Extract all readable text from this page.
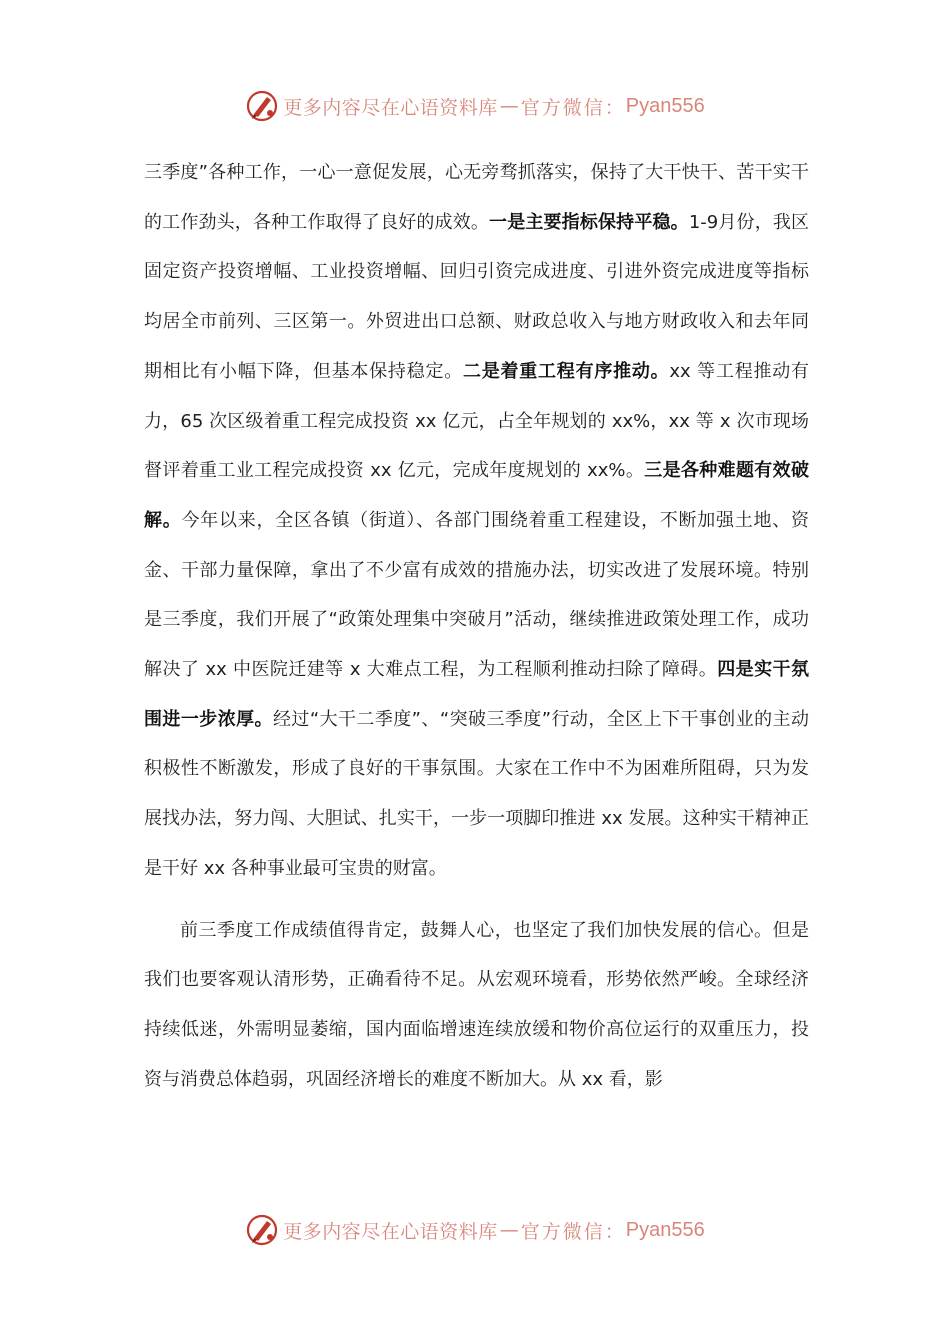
更多内容尽在心语资料库 — 官方微信： Pyan556

三季度”各种工作，一心一意促发展，心无旁骛抓落实，保持了大干快干、苦干实干的工作劲头，各种工作取得了良好的成效。一是主要指标保持平稳。1-9月份，我区固定资产投资增幅、工业投资增幅、回归引资完成进度、引进外资完成进度等指标均居全市前列、三区第一。外贸进出口总额、财政总收入与地方财政收入和去年同期相比有小幅下降，但基本保持稳定。二是着重工程有序推动。xx 等工程推动有力，65 次区级着重工程完成投资 xx 亿元，占全年规划的 xx%，xx 等 x 次市现场督评着重工业工程完成投资 xx 亿元，完成年度规划的 xx%。三是各种难题有效破解。今年以来，全区各镇（街道）、各部门围绕着重工程建设，不断加强土地、资金、干部力量保障，拿出了不少富有成效的措施办法，切实改进了发展环境。特别是三季度，我们开展了“政策处理集中突破月”活动，继续推进政策处理工作，成功解决了 xx 中医院迁建等 x 大难点工程，为工程顺利推动扫除了障碍。四是实干氛围进一步浓厚。经过“大干二季度”、“突破三季度”行动，全区上下干事创业的主动积极性不断激发，形成了良好的干事氛围。大家在工作中不为困难所阻碍，只为发展找办法，努力闯、大胆试、扎实干，一步一项脚印推进 xx 发展。这种实干精神正是干好 xx 各种事业最可宝贵的财富。

前三季度工作成绩值得肯定，鼓舞人心，也坚定了我们加快发展的信心。但是我们也要客观认清形势，正确看待不足。从宏观环境看，形势依然严峻。全球经济持续低迷，外需明显萎缩，国内面临增速连续放缓和物价高位运行的双重压力，投资与消费总体趋弱，巩固经济增长的难度不断加大。从 xx 看，影

更多内容尽在心语资料库 — 官方微信： Pyan556
